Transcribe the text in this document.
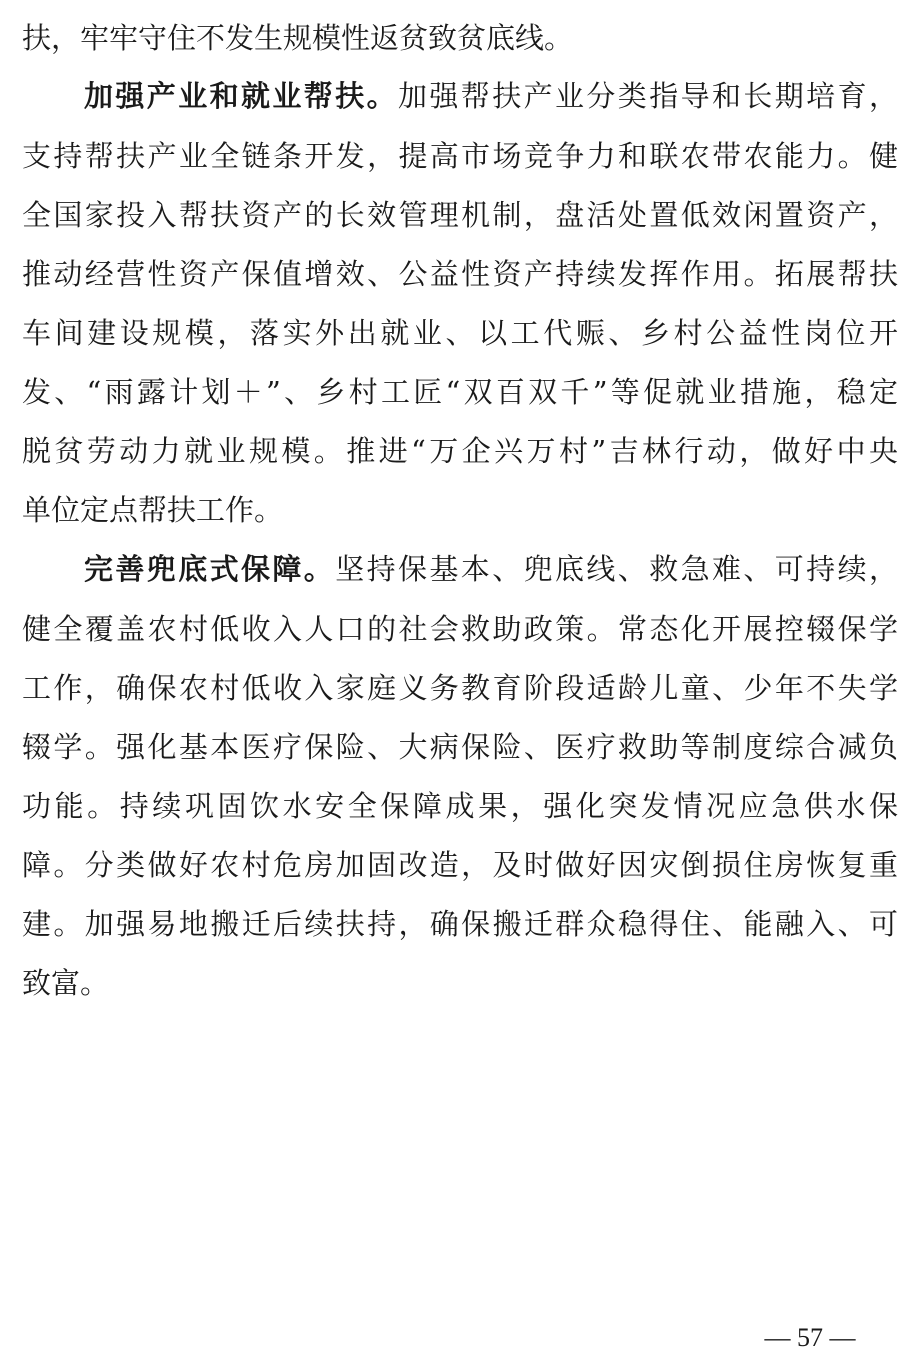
扶，牢牢守住不发生规模性返贫致贫底线。
加强产业和就业帮扶。加强帮扶产业分类指导和长期培育，
支持帮扶产业全链条开发，提高市场竞争力和联农带农能力。健
全国家投入帮扶资产的长效管理机制，盘活处置低效闲置资产，
推动经营性资产保值增效、公益性资产持续发挥作用。拓展帮扶
车间建设规模，落实外出就业、以工代赈、乡村公益性岗位开
发、“雨露计划＋”、乡村工匠“双百双千”等促就业措施，稳定
脱贫劳动力就业规模。推进“万企兴万村”吉林行动，做好中央
单位定点帮扶工作。
完善兜底式保障。坚持保基本、兜底线、救急难、可持续，
健全覆盖农村低收入人口的社会救助政策。常态化开展控辍保学
工作，确保农村低收入家庭义务教育阶段适龄儿童、少年不失学
辍学。强化基本医疗保险、大病保险、医疗救助等制度综合减负
功能。持续巩固饮水安全保障成果，强化突发情况应急供水保
障。分类做好农村危房加固改造，及时做好因灾倒损住房恢复重
建。加强易地搬迁后续扶持，确保搬迁群众稳得住、能融入、可
致富。
— 57 —
